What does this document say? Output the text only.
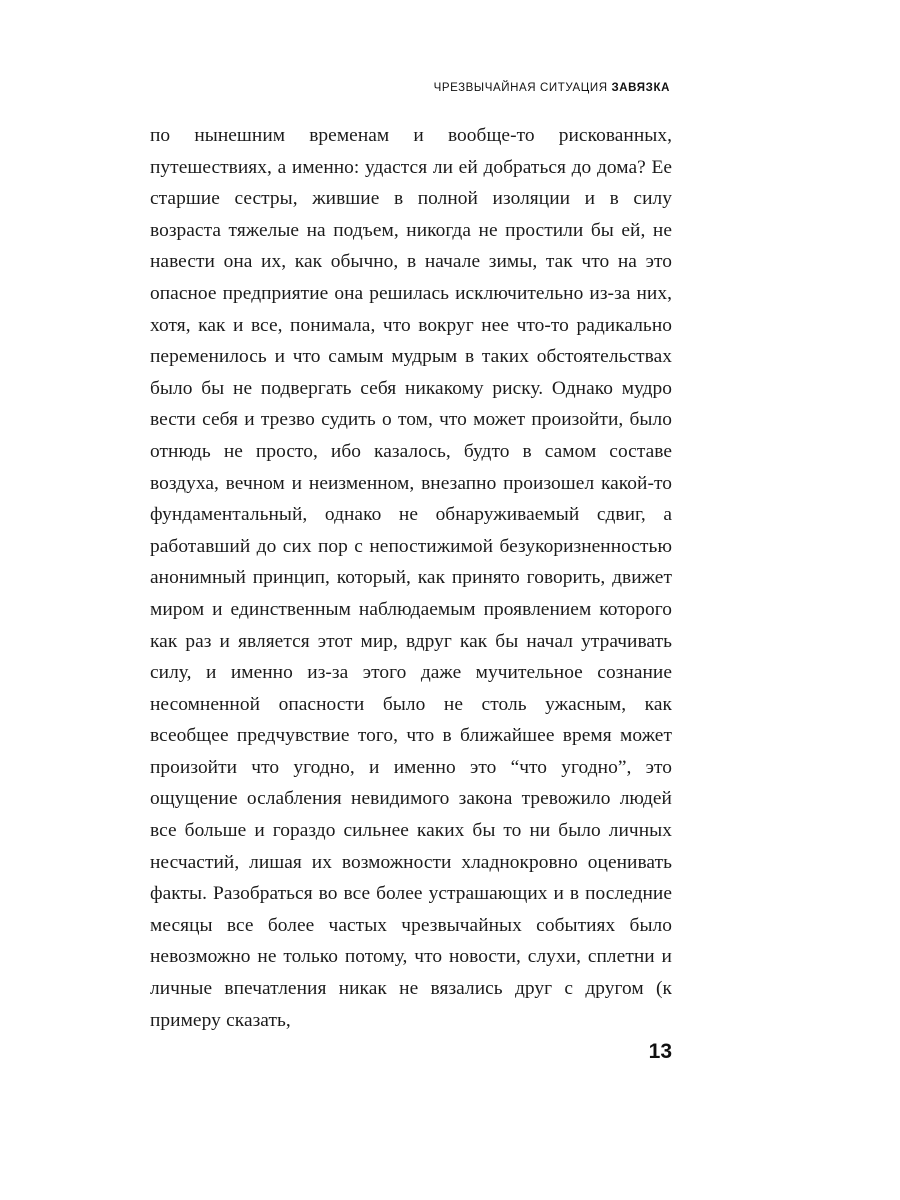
ЧРЕЗВЫЧАЙНАЯ СИТУАЦИЯ ЗАВЯЗКА

по нынешним временам и вообще-то рискованных, путешествиях, а именно: удастся ли ей добраться до дома? Ее старшие сестры, жившие в полной изоляции и в силу возраста тяжелые на подъем, никогда не простили бы ей, не навести она их, как обычно, в начале зимы, так что на это опасное предприятие она решилась исключительно из-за них, хотя, как и все, понимала, что вокруг нее что-то радикально переменилось и что самым мудрым в таких обстоятельствах было бы не подвергать себя никакому риску. Однако мудро вести себя и трезво судить о том, что может произойти, было отнюдь не просто, ибо казалось, будто в самом составе воздуха, вечном и неизменном, внезапно произошел какой-то фундаментальный, однако не обнаруживаемый сдвиг, а работавший до сих пор с непостижимой безукоризненностью анонимный принцип, который, как принято говорить, движет миром и единственным наблюдаемым проявлением которого как раз и является этот мир, вдруг как бы начал утрачивать силу, и именно из-за этого даже мучительное сознание несомненной опасности было не столь ужасным, как всеобщее предчувствие того, что в ближайшее время может произойти что угодно, и именно это “что угодно”, это ощущение ослабления невидимого закона тревожило людей все больше и гораздо сильнее каких бы то ни было личных несчастий, лишая их возможности хладнокровно оценивать факты. Разобраться во все более устрашающих и в последние месяцы все более частых чрезвычайных событиях было невозможно не только потому, что новости, слухи, сплетни и личные впечатления никак не вязались друг с другом (к примеру сказать,

13
